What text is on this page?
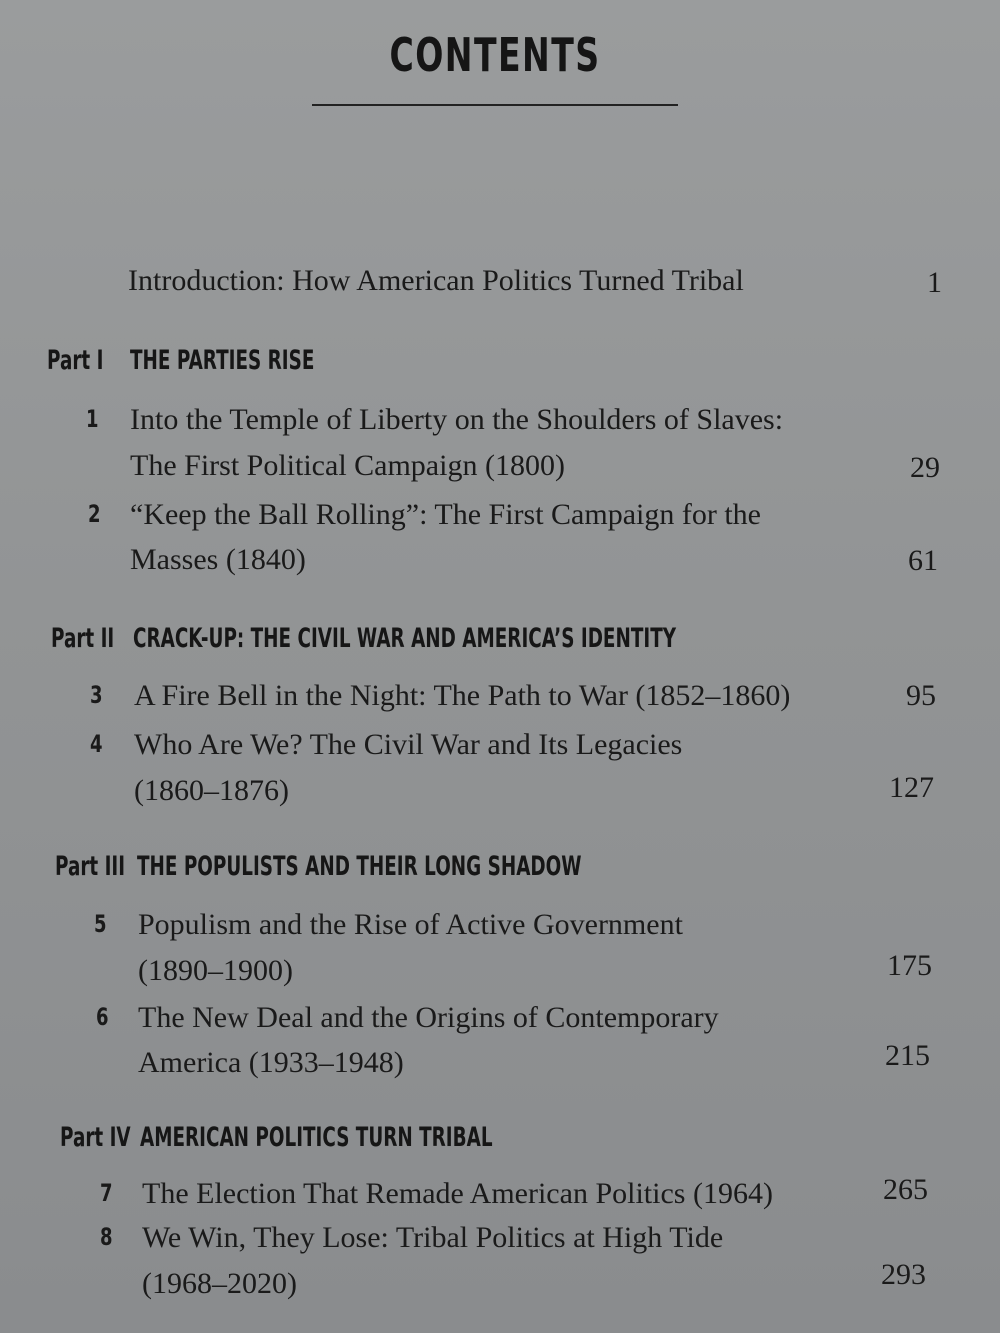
CONTENTS
Introduction: How American Politics Turned Tribal	1
Part I THE PARTIES RISE
1 Into the Temple of Liberty on the Shoulders of Slaves:
The First Political Campaign (1800)	29
2 “Keep the Ball Rolling”: The First Campaign for the
Masses (1840)	61
Part II CRACK-UP: THE CIVIL WAR AND AMERICA’S IDENTITY
3 A Fire Bell in the Night: The Path to War (1852–1860)	95
4 Who Are We? The Civil War and Its Legacies
(1860–1876)	127
Part III THE POPULISTS AND THEIR LONG SHADOW
5 Populism and the Rise of Active Government
(1890–1900)	175
6 The New Deal and the Origins of Contemporary
America (1933–1948)	215
Part IV AMERICAN POLITICS TURN TRIBAL
7 The Election That Remade American Politics (1964)	265
8 We Win, They Lose: Tribal Politics at High Tide
(1968–2020)	293
